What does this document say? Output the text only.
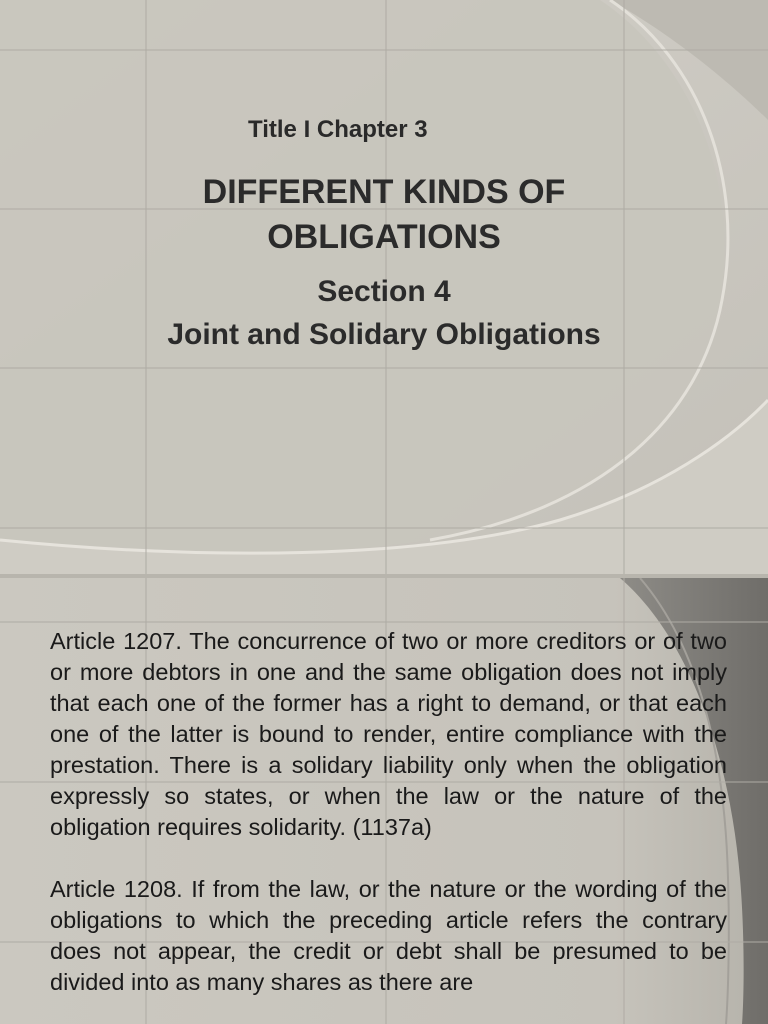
Title I Chapter 3
DIFFERENT KINDS OF
OBLIGATIONS
Section 4
Joint and Solidary Obligations

Article 1207. The concurrence of two or more creditors or of two or more debtors in one and the same obligation does not imply that each one of the former has a right to demand, or that each one of the latter is bound to render, entire compliance with the prestation. There is a solidary liability only when the obligation expressly so states, or when the law or the nature of the obligation requires solidarity. (1137a)

Article 1208. If from the law, or the nature or the wording of the obligations to which the preceding article refers the contrary does not appear, the credit or debt shall be presumed to be divided into as many shares as there are
